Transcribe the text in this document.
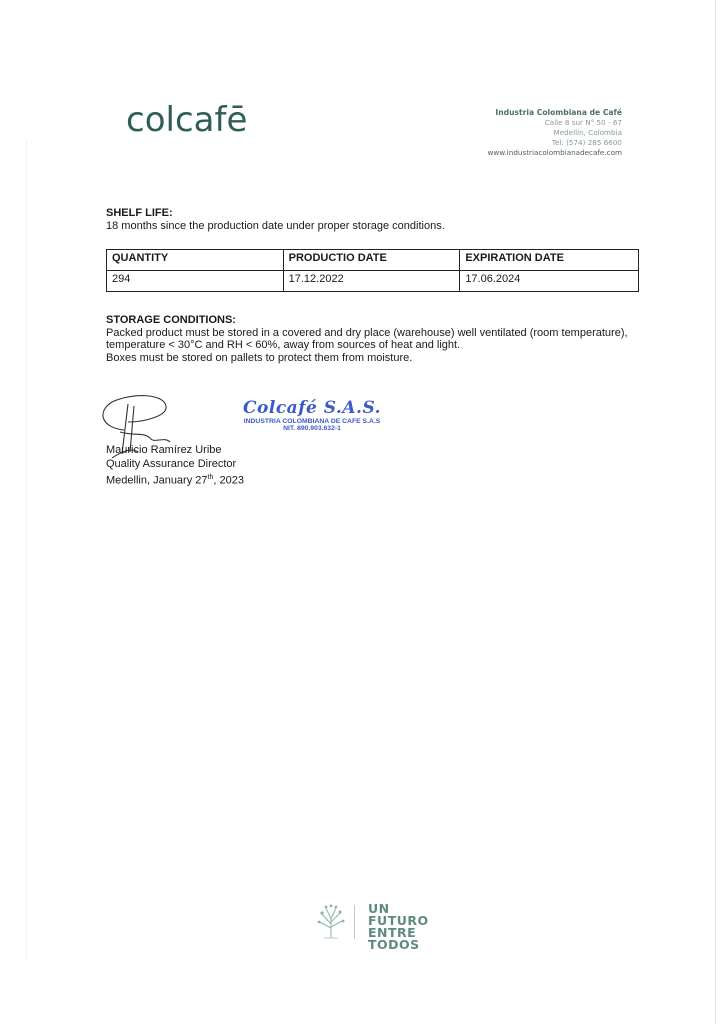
colcafē	Industria Colombiana de Café
Calle 8 sur N° 50 - 67
Medellín, Colombia
Tel: (574) 285 6600
www.industriacolombianadecafe.com
SHELF LIFE:
18 months since the production date under proper storage conditions.
QUANTITY	PRODUCTIO DATE	EXPIRATION DATE
294	17.12.2022	17.06.2024
STORAGE CONDITIONS:
Packed product must be stored in a covered and dry place (warehouse) well ventilated (room temperature),
temperature < 30°C and RH < 60%, away from sources of heat and light.
Boxes must be stored on pallets to protect them from moisture.
Colcafé S.A.S.
INDUSTRIA COLOMBIANA DE CAFE S.A.S
NIT. 890.903.632-1
Mauricio Ramírez Uribe
Quality Assurance Director
Medellin, January 27th, 2023
UN
FUTURO
ENTRE
TODOS
